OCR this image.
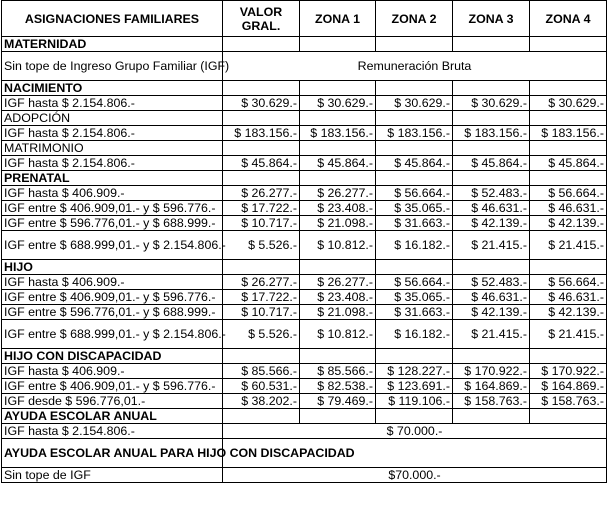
ASIGNACIONES FAMILIARES	VALOR GRAL.	ZONA 1	ZONA 2	ZONA 3	ZONA 4
MATERNIDAD					
Sin tope de Ingreso Grupo Familiar (IGF)	Remuneración Bruta				
NACIMIENTO					
IGF hasta $ 2.154.806.-	$ 30.629.-	$ 30.629.-	$ 30.629.-	$ 30.629.-	$ 30.629.-
ADOPCIÓN					
IGF hasta $ 2.154.806.-	$ 183.156.-	$ 183.156.-	$ 183.156.-	$ 183.156.-	$ 183.156.-
MATRIMONIO					
IGF hasta $ 2.154.806.-	$ 45.864.-	$ 45.864.-	$ 45.864.-	$ 45.864.-	$ 45.864.-
PRENATAL					
IGF hasta $ 406.909.-	$ 26.277.-	$ 26.277.-	$ 56.664.-	$ 52.483.-	$ 56.664.-
IGF entre $ 406.909,01.- y $ 596.776.-	$ 17.722.-	$ 23.408.-	$ 35.065.-	$ 46.631.-	$ 46.631.-
IGF entre $ 596.776,01.- y $ 688.999.-	$ 10.717.-	$ 21.098.-	$ 31.663.-	$ 42.139.-	$ 42.139.-
IGF entre $ 688.999,01.- y $ 2.154.806.-	$ 5.526.-	$ 10.812.-	$ 16.182.-	$ 21.415.-	$ 21.415.-
HIJO					
IGF hasta $ 406.909.-	$ 26.277.-	$ 26.277.-	$ 56.664.-	$ 52.483.-	$ 56.664.-
IGF entre $ 406.909,01.- y $ 596.776.-	$ 17.722.-	$ 23.408.-	$ 35.065.-	$ 46.631.-	$ 46.631.-
IGF entre $ 596.776,01.- y $ 688.999.-	$ 10.717.-	$ 21.098.-	$ 31.663.-	$ 42.139.-	$ 42.139.-
IGF entre $ 688.999,01.- y $ 2.154.806.-	$ 5.526.-	$ 10.812.-	$ 16.182.-	$ 21.415.-	$ 21.415.-
HIJO CON DISCAPACIDAD					
IGF hasta $ 406.909.-	$ 85.566.-	$ 85.566.-	$ 128.227.-	$ 170.922.-	$ 170.922.-
IGF entre $ 406.909,01.- y $ 596.776.-	$ 60.531.-	$ 82.538.-	$ 123.691.-	$ 164.869.-	$ 164.869.-
IGF desde $ 596.776,01.-	$ 38.202.-	$ 79.469.-	$ 119.106.-	$ 158.763.-	$ 158.763.-
AYUDA ESCOLAR ANUAL					
IGF hasta $ 2.154.806.-	$ 70.000.-				
AYUDA ESCOLAR ANUAL PARA HIJO CON DISCAPACIDAD					
Sin tope de IGF	$70.000.-				
